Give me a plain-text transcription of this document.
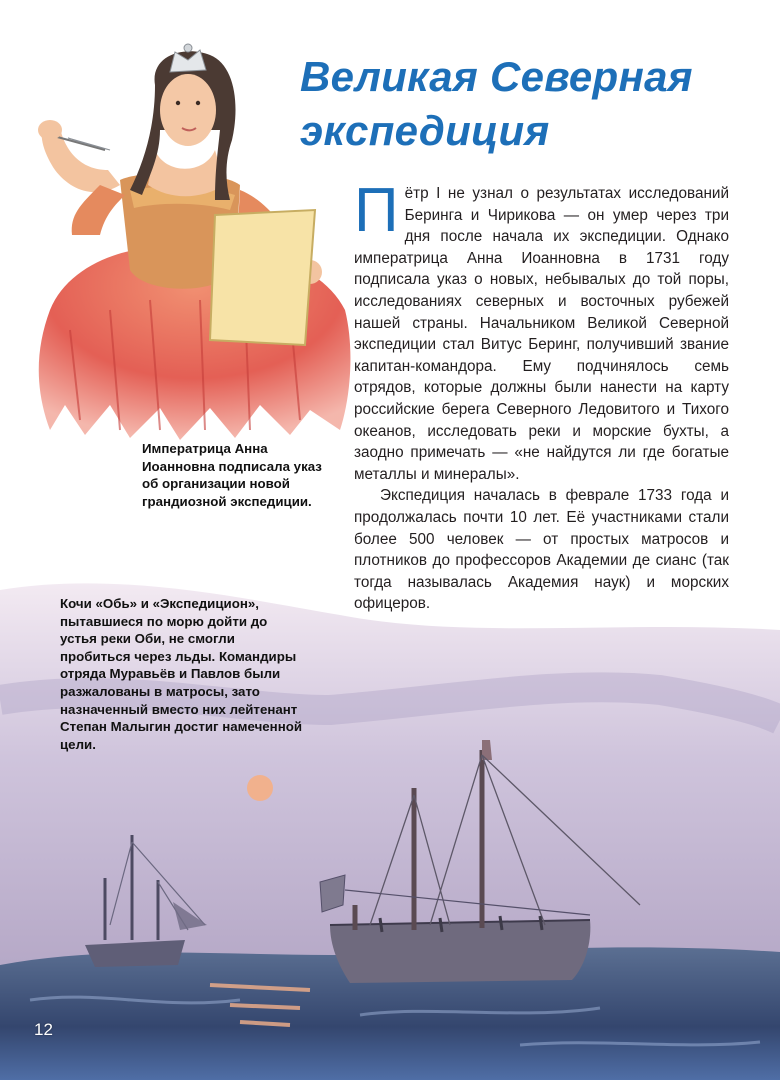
Великая Северная
экспедиция

Пётр I не узнал о результатах исследований Беринга и Чирикова — он умер через три дня после начала их экспедиции. Однако императрица Анна Иоанновна в 1731 году подписала указ о новых, небывалых до той поры, исследованиях северных и восточных рубежей нашей страны. Начальником Великой Северной экспедиции стал Витус Беринг, получивший звание капитан-командора. Ему подчинялось семь отрядов, которые должны были нанести на карту российские берега Северного Ледовитого и Тихого океанов, исследовать реки и морские бухты, а заодно примечать — «не найдутся ли где богатые металлы и минералы».

Экспедиция началась в феврале 1733 года и продолжалась почти 10 лет. Её участниками стали более 500 человек — от простых матросов и плотников до профессоров Академии де сианс (так тогда называлась Академия наук) и морских офицеров.

Императрица Анна Иоанновна подписала указ об организации новой грандиозной экспедиции.
Кочи «Обь» и «Экспедицион», пытавшиеся по морю дойти до устья реки Оби, не смогли пробиться через льды. Командиры отряда Муравьёв и Павлов были разжалованы в матросы, зато назначенный вместо них лейтенант Степан Малыгин достиг намеченной цели.
12
